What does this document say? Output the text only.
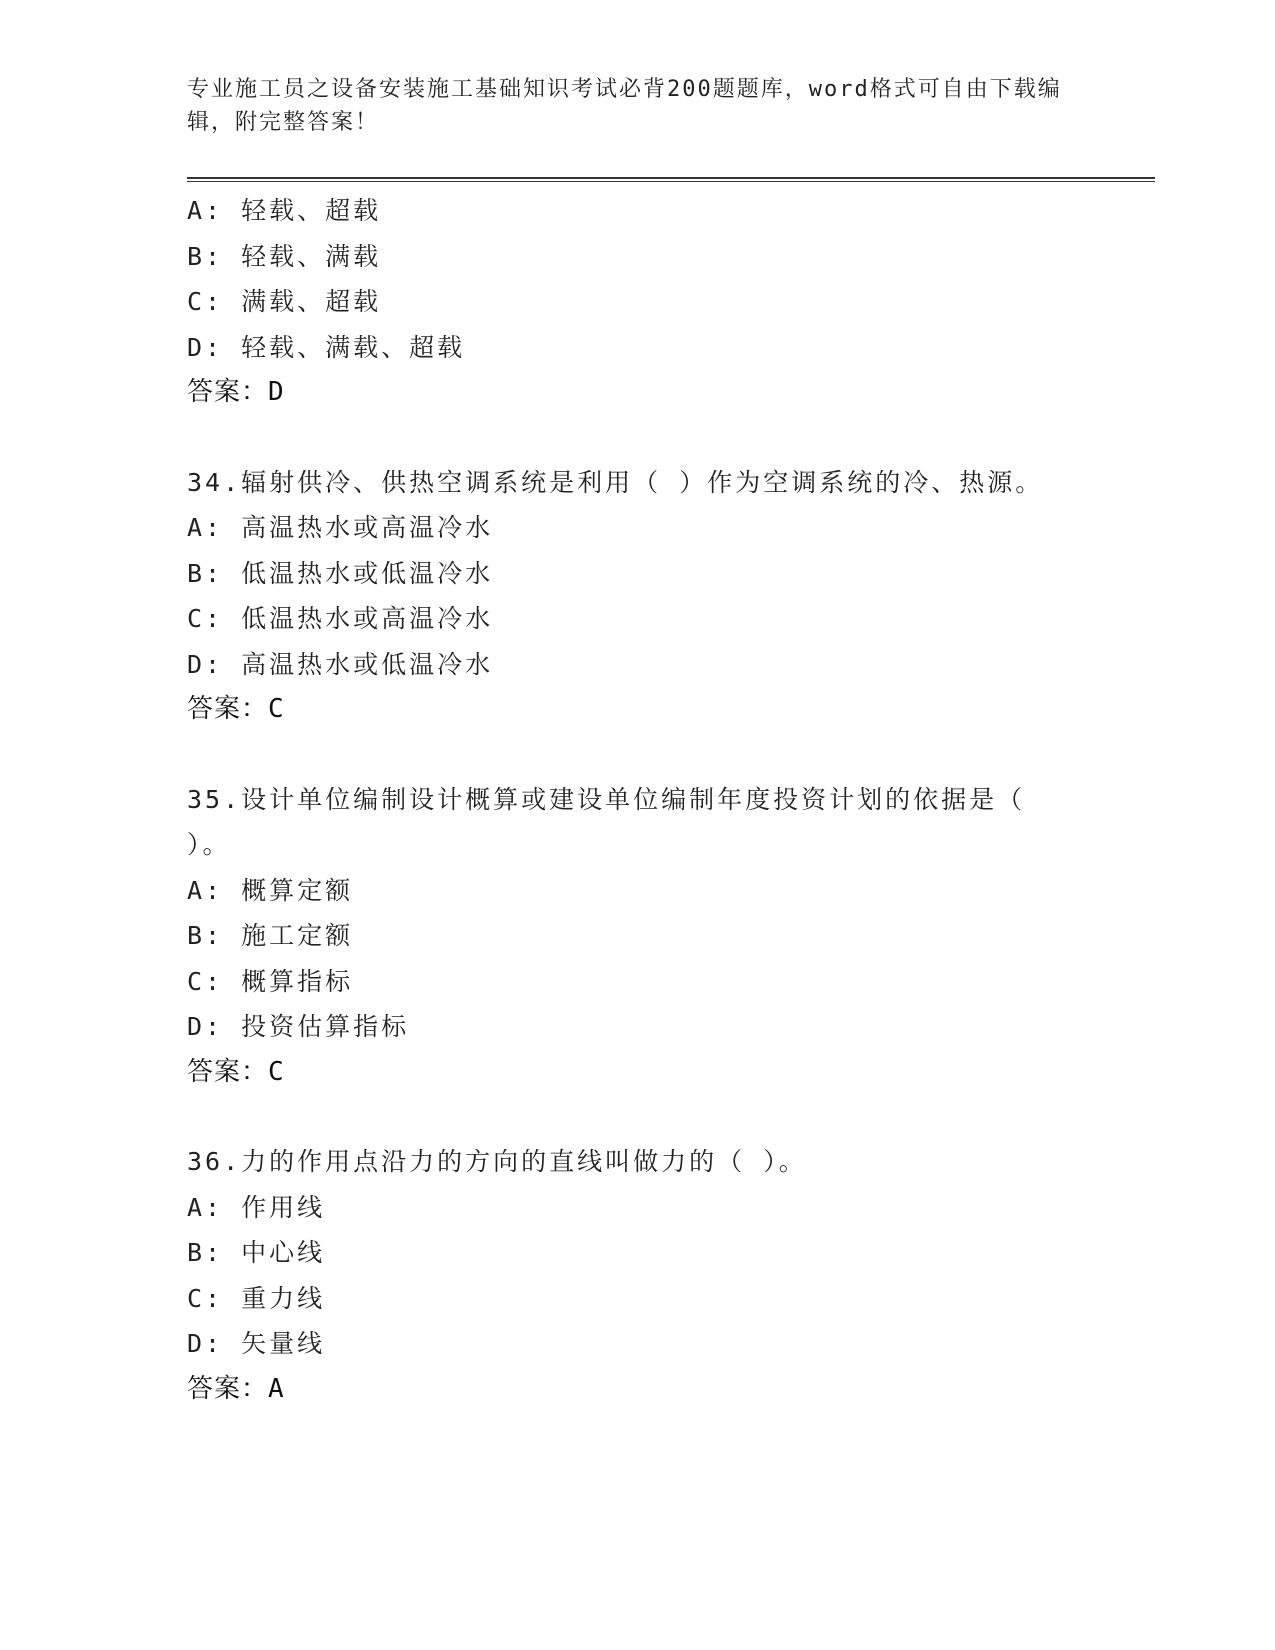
专业施工员之设备安装施工基础知识考试必背200题题库，word格式可自由下载编辑，附完整答案！
A: 轻载、超载
B: 轻载、满载
C: 满载、超载
D: 轻载、满载、超载
答案：D
34.辐射供冷、供热空调系统是利用（ ）作为空调系统的冷、热源。
A: 高温热水或高温冷水
B: 低温热水或低温冷水
C: 低温热水或高温冷水
D: 高温热水或低温冷水
答案：C
35.设计单位编制设计概算或建设单位编制年度投资计划的依据是（
）。
A: 概算定额
B: 施工定额
C: 概算指标
D: 投资估算指标
答案：C
36.力的作用点沿力的方向的直线叫做力的（ ）。
A: 作用线
B: 中心线
C: 重力线
D: 矢量线
答案：A
